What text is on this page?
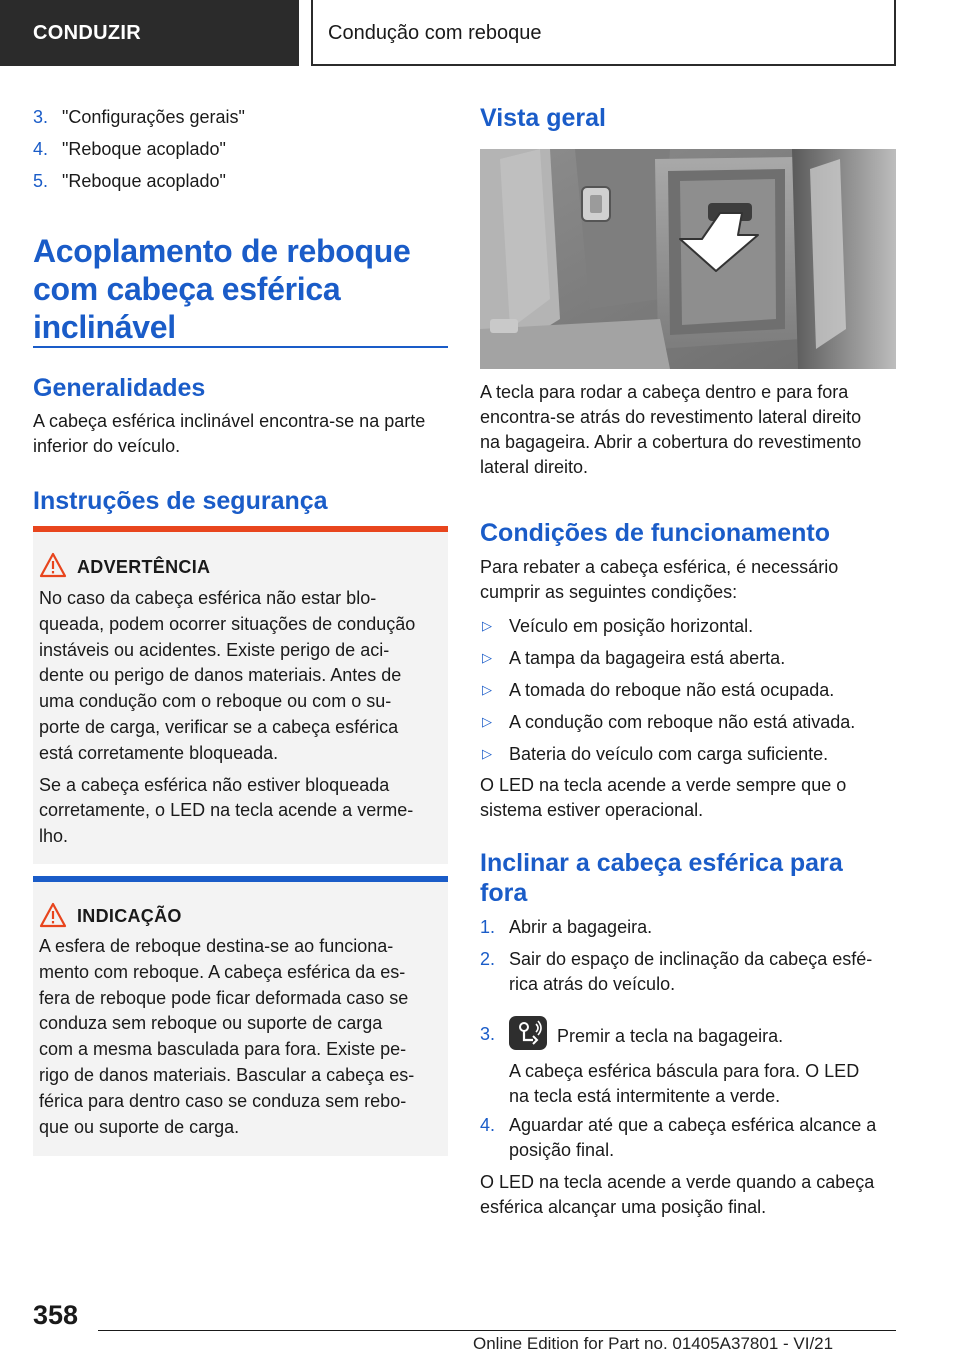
CONDUZIR	Condução com reboque
3. "Configurações gerais"
4. "Reboque acoplado"
5. "Reboque acoplado"
Acoplamento de reboque
com cabeça esférica
inclinável
Generalidades

A cabeça esférica inclinável encontra-se na parte
inferior do veículo.

Instruções de segurança
ADVERTÊNCIA
No caso da cabeça esférica não estar blo-
queada, podem ocorrer situações de condução
instáveis ou acidentes. Existe perigo de aci-
dente ou perigo de danos materiais. Antes de
uma condução com o reboque ou com o su-
porte de carga, verificar se a cabeça esférica
está corretamente bloqueada.
Se a cabeça esférica não estiver bloqueada
corretamente, o LED na tecla acende a verme-
lho.
INDICAÇÃO
A esfera de reboque destina-se ao funciona-
mento com reboque. A cabeça esférica da es-
fera de reboque pode ficar deformada caso se
conduza sem reboque ou suporte de carga
com a mesma basculada para fora. Existe pe-
rigo de danos materiais. Bascular a cabeça es-
férica para dentro caso se conduza sem rebo-
que ou suporte de carga.
Vista geral

A tecla para rodar a cabeça dentro e para fora
encontra-se atrás do revestimento lateral direito
na bagageira. Abrir a cobertura do revestimento
lateral direito.

Condições de funcionamento

Para rebater a cabeça esférica, é necessário
cumprir as seguintes condições:

▷ Veículo em posição horizontal.
▷ A tampa da bagageira está aberta.
▷ A tomada do reboque não está ocupada.
▷ A condução com reboque não está ativada.
▷ Bateria do veículo com carga suficiente.

O LED na tecla acende a verde sempre que o
sistema estiver operacional.

Inclinar a cabeça esférica para
fora
1. Abrir a bagageira.
2. Sair do espaço de inclinação da cabeça esfé-
rica atrás do veículo.
3.	Premir a tecla na bagageira.
A cabeça esférica báscula para fora. O LED
na tecla está intermitente a verde.
4. Aguardar até que a cabeça esférica alcance a
posição final.

O LED na tecla acende a verde quando a cabeça
esférica alcançar uma posição final.

358
Online Edition for Part no. 01405A37801 - VI/21
